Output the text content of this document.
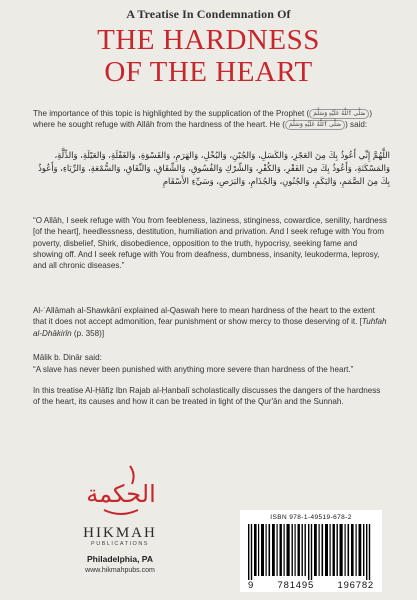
A Treatise In Condemnation Of
THE HARDNESS
OF THE HEART

The importance of this topic is highlighted by the supplication of the Prophet ( صَلَّى ٱللَّهُ عَلَيْهِ وَسَلَّمَ ) where he sought refuge with Allāh from the hardness of the heart. He ( صَلَّى ٱللَّهُ عَلَيْهِ وَسَلَّمَ ) said:

اللَّهُمَّ إِنِّي أَعُوذُ بِكَ مِنَ العَجْزِ، وَالكَسَلِ، وَالجُبْنِ، وَالبُخْلِ، وَالهَرَمِ، وَالقَسْوَةِ، وَالغَفْلَةِ، وَالعَيْلَةِ، وَالذِّلَّةِ، وَالمَسْكَنَةِ، وَأَعُوذُ بِكَ مِنَ الفَقْرِ، وَالكُفْرِ، وَالشِّرْكِ وَالفُسُوقِ، وَالشِّقَاقِ، وَالنِّفَاقِ، وَالسُّمْعَةِ، وَالرِّيَاءِ، وَأَعُوذُ بِكَ مِنَ الصَّمَمِ، وَالبَكَمِ، وَالجُنُونِ، وَالجُذَامِ، وَالبَرَصِ، وَسَيِّءِ الأَسْقَامِ

“O Allāh, I seek refuge with You from feebleness, laziness, stinginess, cowardice, senility, hardness [of the heart], heedlessness, destitution, humiliation and privation. And I seek refuge with You from poverty, disbelief, Shirk, disobedience, opposition to the truth, hypocrisy, seeking fame and showing off. And I seek refuge with You from deafness, dumbness, insanity, leukoderma, leprosy, and all chronic diseases.”

Al-ʿAllāmah al-Shawkānī explained al-Qaswah here to mean hardness of the heart to the extent that it does not accept admonition, fear punishment or show mercy to those deserving of it. [Tuhfah al-Dhākirīn (p. 358)]

Mālik b. Dinār said:

“A slave has never been punished with anything more severe than hardness of the heart.”

In this treatise Al-Ḥāfiẓ Ibn Rajab al-Ḥanbalī scholastically discusses the dangers of the hardness of the heart, its causes and how it can be treated in light of the Qur'ān and the Sunnah.

الحكمة
HIKMAH
PUBLICATIONS
Philadelphia, PA
www.hikmahpubs.com
ISBN 978-1-49519-678-2
9 781495 196782
